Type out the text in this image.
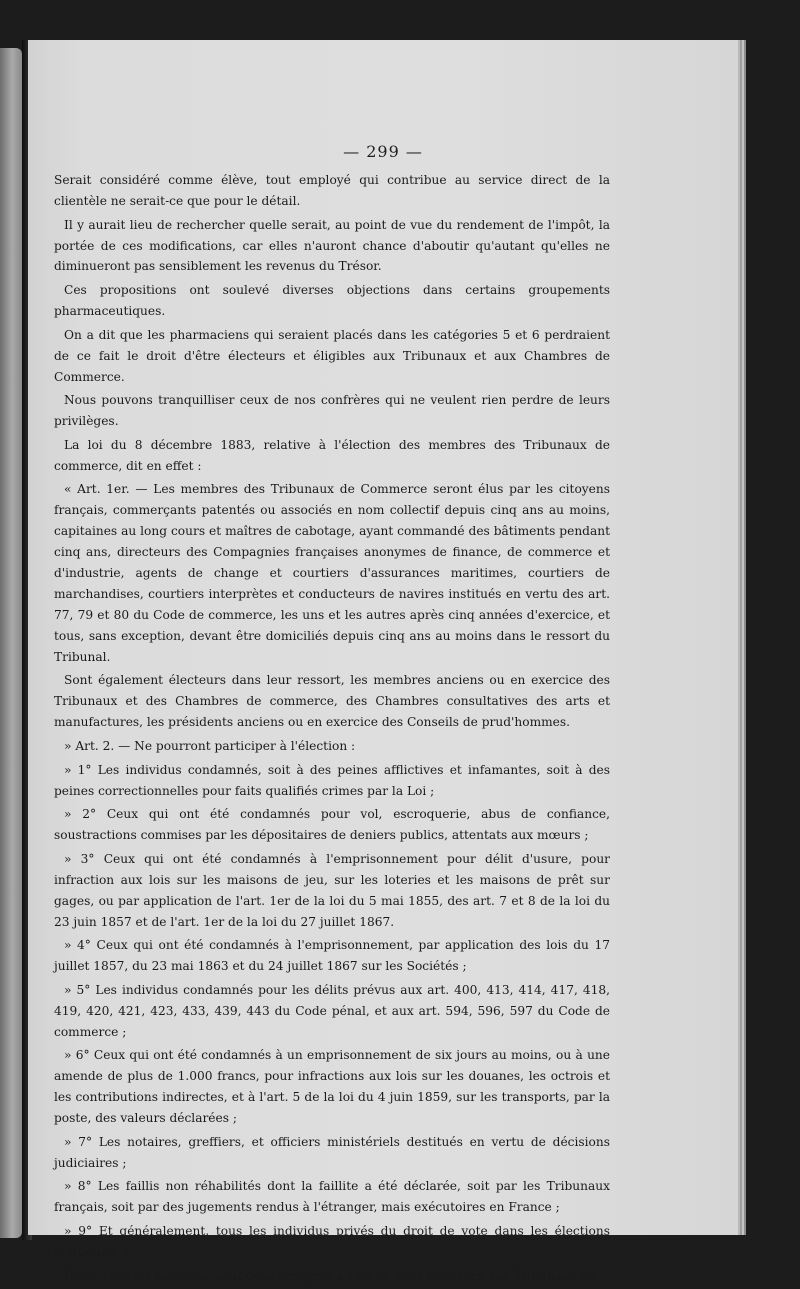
— 299 —

Serait considéré comme élève, tout employé qui contribue au service direct de la clientèle ne serait-ce que pour le détail.

Il y aurait lieu de rechercher quelle serait, au point de vue du rendement de l'impôt, la portée de ces modifications, car elles n'auront chance d'aboutir qu'autant qu'elles ne diminueront pas sensiblement les revenus du Trésor.

Ces propositions ont soulevé diverses objections dans certains groupements pharmaceutiques.

On a dit que les pharmaciens qui seraient placés dans les catégories 5 et 6 perdraient de ce fait le droit d'être électeurs et éligibles aux Tribunaux et aux Chambres de Commerce.

Nous pouvons tranquilliser ceux de nos confrères qui ne veulent rien perdre de leurs privilèges.

La loi du 8 décembre 1883, relative à l'élection des membres des Tribunaux de commerce, dit en effet :

« Art. 1er. — Les membres des Tribunaux de Commerce seront élus par les citoyens français, commerçants patentés ou associés en nom collectif depuis cinq ans au moins, capitaines au long cours et maîtres de cabotage, ayant commandé des bâtiments pendant cinq ans, directeurs des Compagnies françaises anonymes de finance, de commerce et d'industrie, agents de change et courtiers d'assurances maritimes, courtiers de marchandises, courtiers interprètes et conducteurs de navires institués en vertu des art. 77, 79 et 80 du Code de commerce, les uns et les autres après cinq années d'exercice, et tous, sans exception, devant être domiciliés depuis cinq ans au moins dans le ressort du Tribunal.

Sont également électeurs dans leur ressort, les membres anciens ou en exercice des Tribunaux et des Chambres de commerce, des Chambres consultatives des arts et manufactures, les présidents anciens ou en exercice des Conseils de prud'hommes.

» Art. 2. — Ne pourront participer à l'élection :

» 1° Les individus condamnés, soit à des peines afflictives et infamantes, soit à des peines correctionnelles pour faits qualifiés crimes par la Loi ;

» 2° Ceux qui ont été condamnés pour vol, escroquerie, abus de confiance, soustractions commises par les dépositaires de deniers publics, attentats aux mœurs ;

» 3° Ceux qui ont été condamnés à l'emprisonnement pour délit d'usure, pour infraction aux lois sur les maisons de jeu, sur les loteries et les maisons de prêt sur gages, ou par application de l'art. 1er de la loi du 5 mai 1855, des art. 7 et 8 de la loi du 23 juin 1857 et de l'art. 1er de la loi du 27 juillet 1867.

» 4° Ceux qui ont été condamnés à l'emprisonnement, par application des lois du 17 juillet 1857, du 23 mai 1863 et du 24 juillet 1867 sur les Sociétés ;

» 5° Les individus condamnés pour les délits prévus aux art. 400, 413, 414, 417, 418, 419, 420, 421, 423, 433, 439, 443 du Code pénal, et aux art. 594, 596, 597 du Code de commerce ;

» 6° Ceux qui ont été condamnés à un emprisonnement de six jours au moins, ou à une amende de plus de 1.000 francs, pour infractions aux lois sur les douanes, les octrois et les contributions indirectes, et à l'art. 5 de la loi du 4 juin 1859, sur les transports, par la poste, des valeurs déclarées ;

» 7° Les notaires, greffiers, et officiers ministériels destitués en vertu de décisions judiciaires ;

» 8° Les faillis non réhabilités dont la faillite a été déclarée, soit par les Tribunaux français, soit par des jugements rendus à l'étranger, mais exécutoires en France ;

» 9° Et généralement, tous les individus privés du droit de vote dans les élections politiques. »

Donc, tous les patentés, sauf ceux désignés à l'art. 2, sont électeurs aux Tribunaux de
